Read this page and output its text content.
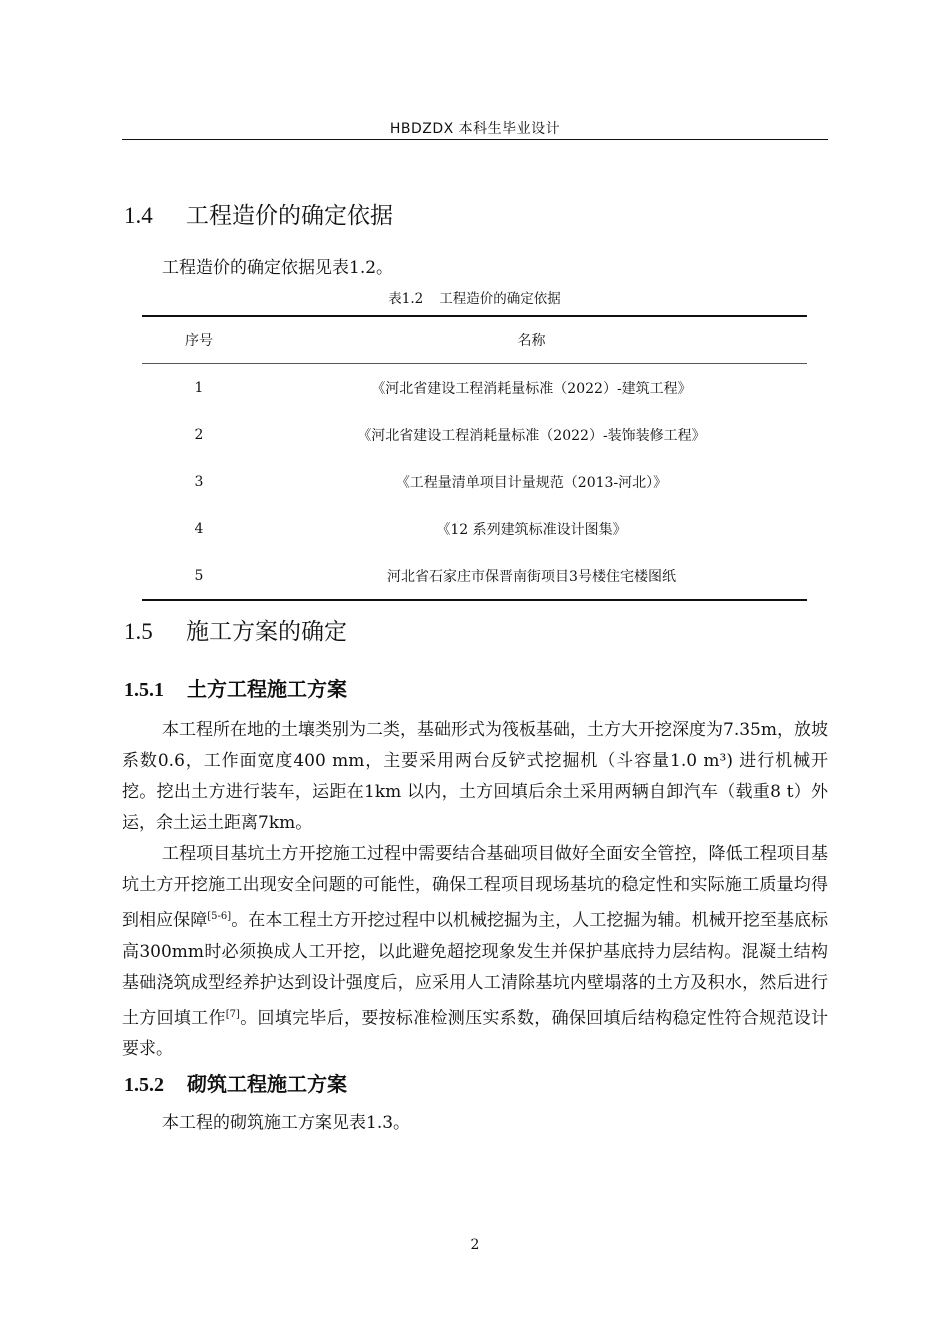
HBDZDX 本科生毕业设计
1.4	工程造价的确定依据

工程造价的确定依据见表1.2。

表1.2 工程造价的确定依据
序号	名称
1	《河北省建设工程消耗量标准（2022）-建筑工程》
2	《河北省建设工程消耗量标准（2022）-装饰装修工程》
3	《工程量清单项目计量规范（2013-河北）》
4	《12 系列建筑标准设计图集》
5	河北省石家庄市保晋南街项目3号楼住宅楼图纸
1.5	施工方案的确定
1.5.1	土方工程施工方案

本工程所在地的土壤类别为二类，基础形式为筏板基础，土方大开挖深度为7.35m，放坡系数0.6，工作面宽度400 mm，主要采用两台反铲式挖掘机（斗容量1.0 m³) 进行机械开挖。挖出土方进行装车，运距在1km 以内，土方回填后余土采用两辆自卸汽车（载重8 t）外运，余土运土距离7km。

工程项目基坑土方开挖施工过程中需要结合基础项目做好全面安全管控，降低工程项目基坑土方开挖施工出现安全问题的可能性，确保工程项目现场基坑的稳定性和实际施工质量均得到相应保障[5-6]。在本工程土方开挖过程中以机械挖掘为主，人工挖掘为辅。机械开挖至基底标高300mm时必须换成人工开挖，以此避免超挖现象发生并保护基底持力层结构。混凝土结构基础浇筑成型经养护达到设计强度后，应采用人工清除基坑内壁塌落的土方及积水，然后进行土方回填工作[7]。回填完毕后，要按标准检测压实系数，确保回填后结构稳定性符合规范设计要求。

1.5.2	砌筑工程施工方案

本工程的砌筑施工方案见表1.3。

2
